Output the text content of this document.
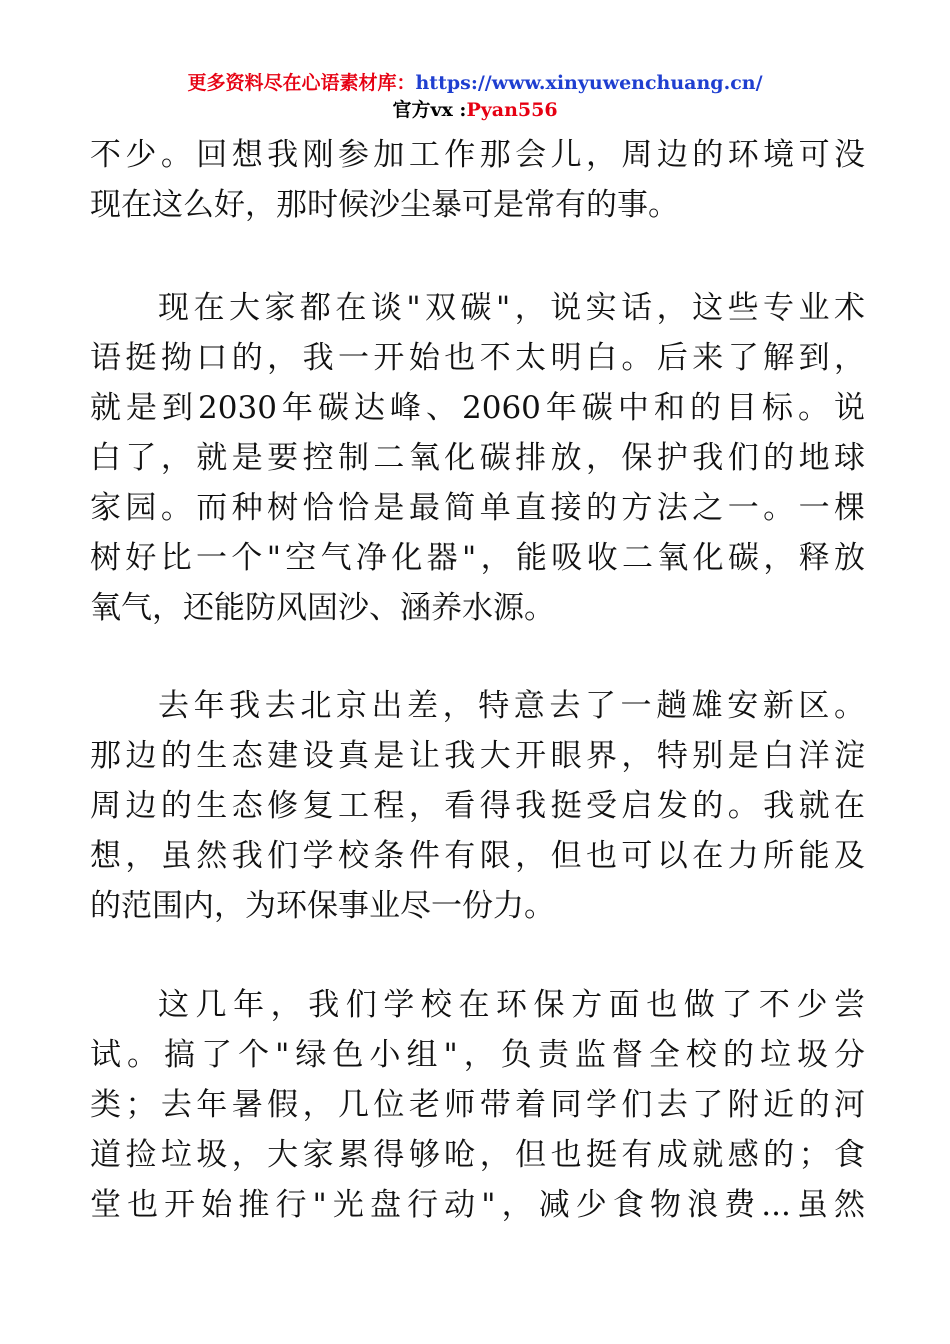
更多资料尽在心语素材库：https://www.xinyuwenchuang.cn/
官方vx :Pyan556
不少。回想我刚参加工作那会儿，周边的环境可没
现在这么好，那时候沙尘暴可是常有的事。
现在大家都在谈"双碳"，说实话，这些专业术
语挺拗口的，我一开始也不太明白。后来了解到，
就是到2030年碳达峰、2060年碳中和的目标。说
白了，就是要控制二氧化碳排放，保护我们的地球
家园。而种树恰恰是最简单直接的方法之一。一棵
树好比一个"空气净化器"，能吸收二氧化碳，释放
氧气，还能防风固沙、涵养水源。
去年我去北京出差，特意去了一趟雄安新区。
那边的生态建设真是让我大开眼界，特别是白洋淀
周边的生态修复工程，看得我挺受启发的。我就在
想，虽然我们学校条件有限，但也可以在力所能及
的范围内，为环保事业尽一份力。
这几年，我们学校在环保方面也做了不少尝
试。搞了个"绿色小组"，负责监督全校的垃圾分
类；去年暑假，几位老师带着同学们去了附近的河
道捡垃圾，大家累得够呛，但也挺有成就感的；食
堂也开始推行"光盘行动"，减少食物浪费...虽然
